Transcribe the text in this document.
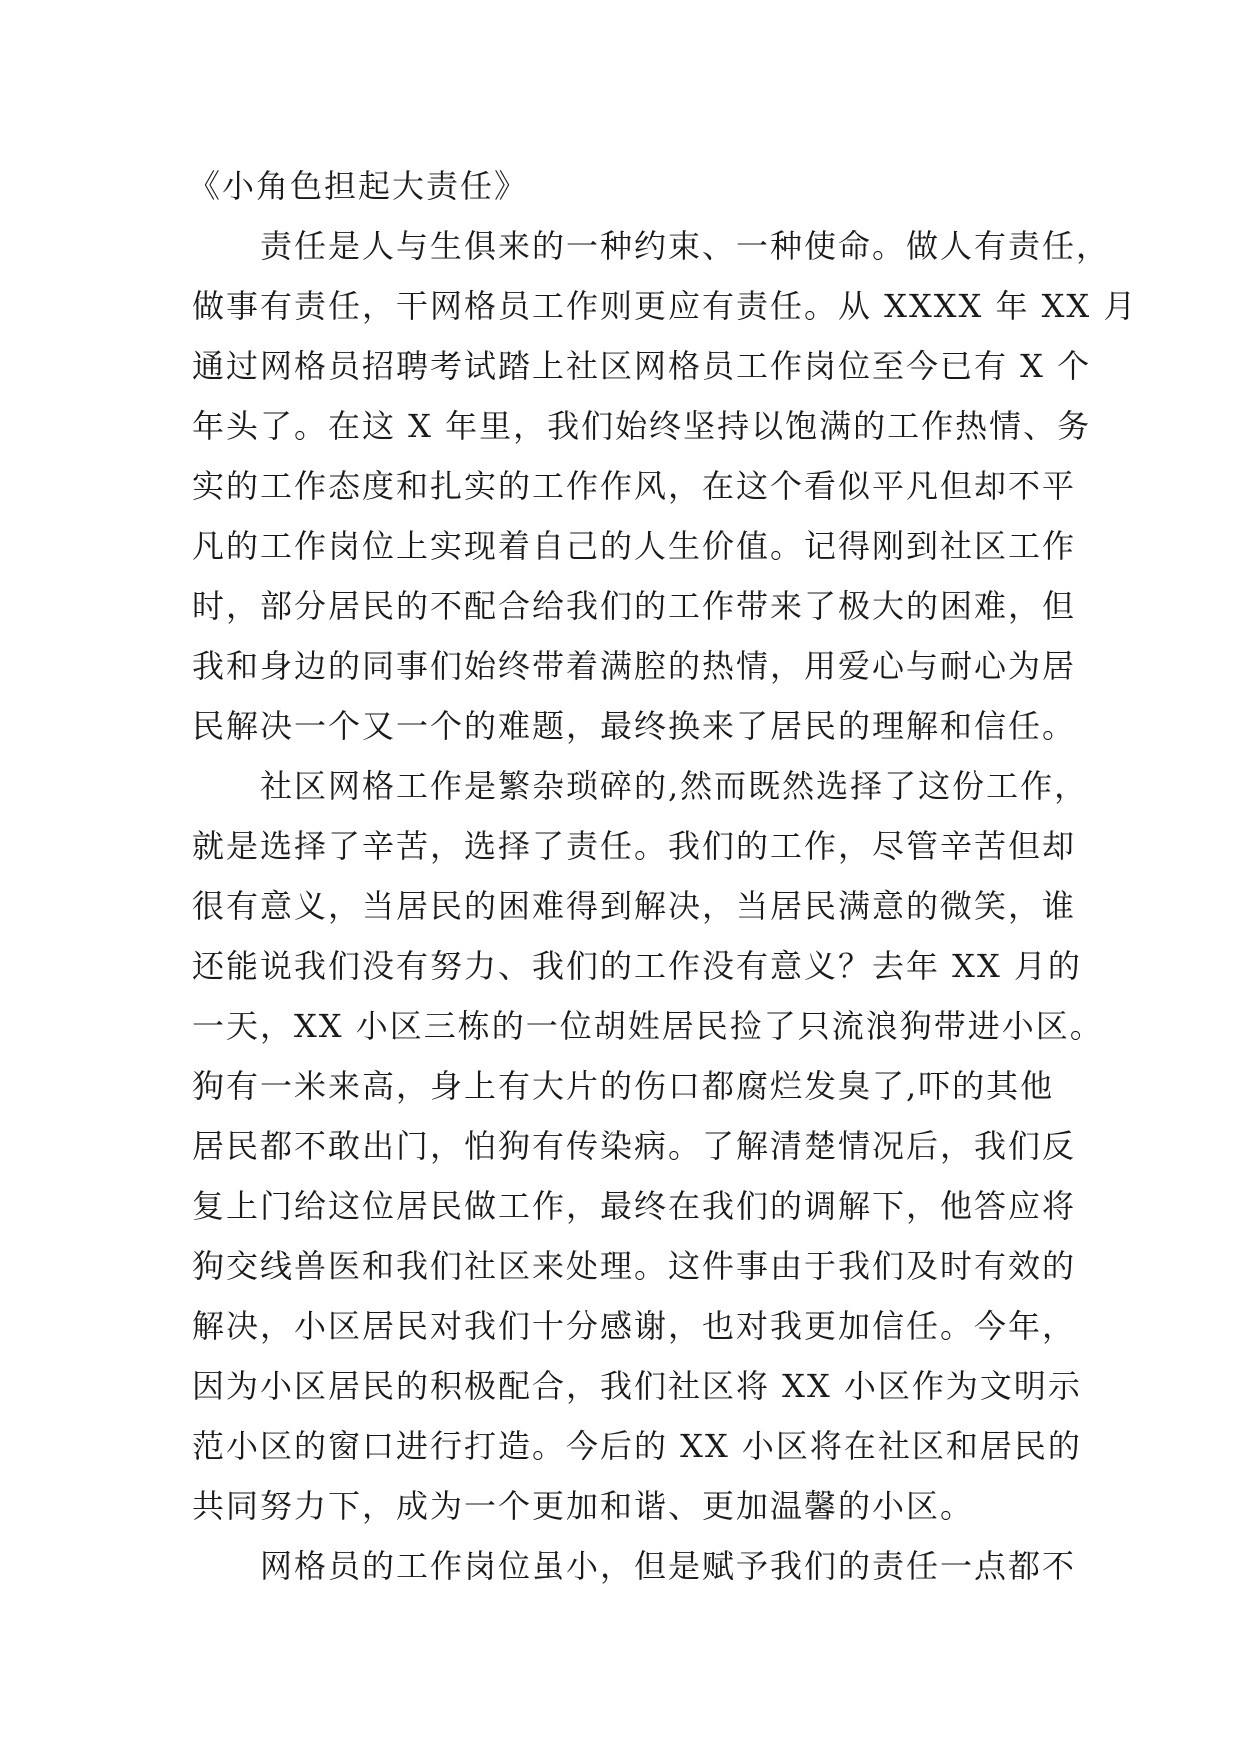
《小角色担起大责任》
　　责任是人与生俱来的一种约束、一种使命。做人有责任，
做事有责任，干网格员工作则更应有责任。从 XXXX 年 XX 月
通过网格员招聘考试踏上社区网格员工作岗位至今已有 X 个
年头了。在这 X 年里，我们始终坚持以饱满的工作热情、务
实的工作态度和扎实的工作作风，在这个看似平凡但却不平
凡的工作岗位上实现着自己的人生价值。记得刚到社区工作
时，部分居民的不配合给我们的工作带来了极大的困难，但
我和身边的同事们始终带着满腔的热情，用爱心与耐心为居
民解决一个又一个的难题，最终换来了居民的理解和信任。
　　社区网格工作是繁杂琐碎的,然而既然选择了这份工作，
就是选择了辛苦，选择了责任。我们的工作，尽管辛苦但却
很有意义，当居民的困难得到解决，当居民满意的微笑，谁
还能说我们没有努力、我们的工作没有意义？去年 XX 月的
一天，XX 小区三栋的一位胡姓居民捡了只流浪狗带进小区。
狗有一米来高，身上有大片的伤口都腐烂发臭了,吓的其他
居民都不敢出门，怕狗有传染病。了解清楚情况后，我们反
复上门给这位居民做工作，最终在我们的调解下，他答应将
狗交线兽医和我们社区来处理。这件事由于我们及时有效的
解决，小区居民对我们十分感谢，也对我更加信任。今年，
因为小区居民的积极配合，我们社区将 XX 小区作为文明示
范小区的窗口进行打造。今后的 XX 小区将在社区和居民的
共同努力下，成为一个更加和谐、更加温馨的小区。
　　网格员的工作岗位虽小，但是赋予我们的责任一点都不
